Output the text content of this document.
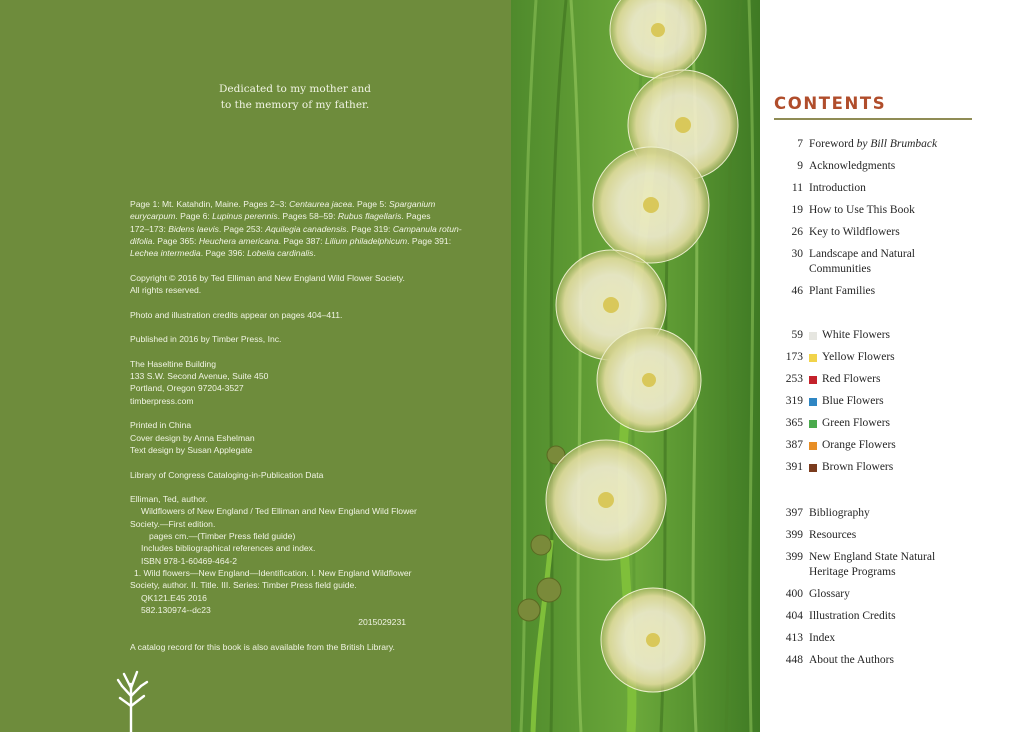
Dedicated to my mother and
to the memory of my father.
Page 1: Mt. Katahdin, Maine. Pages 2–3: Centaurea jacea. Page 5: Sparganium
eurycarpum. Page 6: Lupinus perennis. Pages 58–59: Rubus flagellaris. Pages
172–173: Bidens laevis. Page 253: Aquilegia canadensis. Page 319: Campanula rotun-
difolia. Page 365: Heuchera americana. Page 387: Lilium philadelphicum. Page 391:
Lechea intermedia. Page 396: Lobelia cardinalis.
Copyright © 2016 by Ted Elliman and New England Wild Flower Society.
All rights reserved.
Photo and illustration credits appear on pages 404–411.
Published in 2016 by Timber Press, Inc.
The Haseltine Building
133 S.W. Second Avenue, Suite 450
Portland, Oregon 97204-3527
timberpress.com
Printed in China
Cover design by Anna Eshelman
Text design by Susan Applegate
Library of Congress Cataloging-in-Publication Data
Elliman, Ted, author.
Wildflowers of New England / Ted Elliman and New England Wild Flower
Society.—First edition.
pages cm.—(Timber Press field guide)
Includes bibliographical references and index.
ISBN 978-1-60469-464-2
1. Wild flowers—New England—Identification. I. New England Wildflower
Society, author. II. Title. III. Series: Timber Press field guide.
QK121.E45 2016
582.130974--dc23
2015029231
A catalog record for this book is also available from the British Library.
CONTENTS
7 Foreword by Bill Brumback
9 Acknowledgments
11 Introduction
19 How to Use This Book
26 Key to Wildflowers
30 Landscape and Natural
Communities
46 Plant Families
59 White Flowers
173 Yellow Flowers
253 Red Flowers
319 Blue Flowers
365 Green Flowers
387 Orange Flowers
391 Brown Flowers
397 Bibliography
399 Resources
399 New England State Natural
Heritage Programs
400 Glossary
404 Illustration Credits
413 Index
448 About the Authors
